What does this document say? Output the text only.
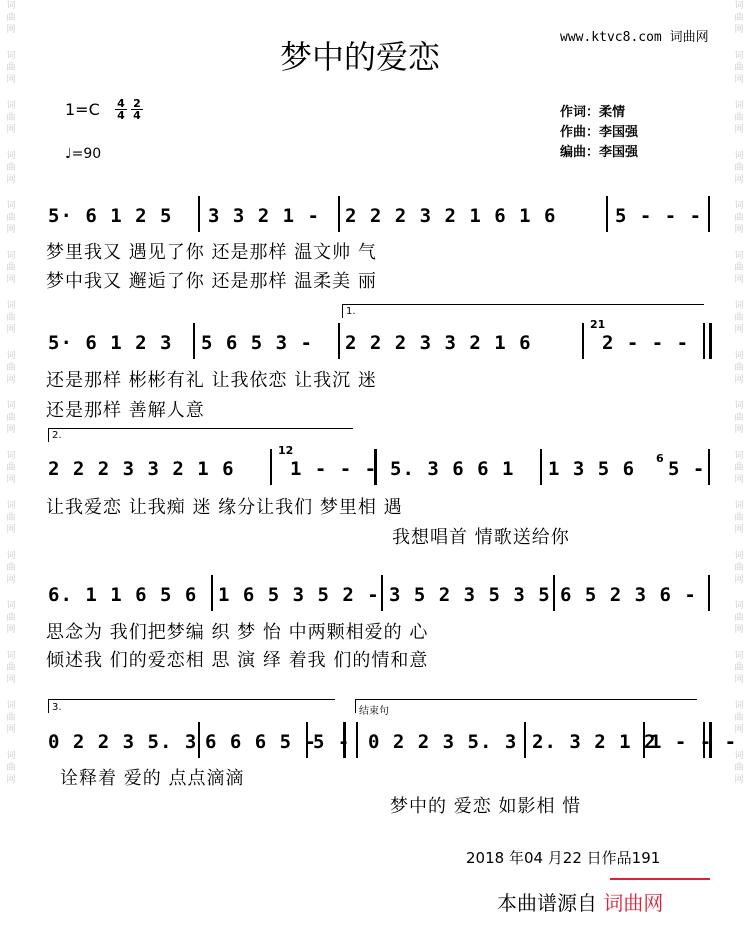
词
曲
网
词
曲
网
词
曲
网
词
曲
网
词
曲
网
词
曲
网
词
曲
网
词
曲
网
词
曲
网
词
曲
网
词
曲
网
词
曲
网
词
曲
网
词
曲
网
词
曲
网
词
曲
网
词
曲
网
词
曲
网
词
曲
网
词
曲
网
词
曲
网
词
曲
网
词
曲
网
词
曲
网
词
曲
网
词
曲
网
词
曲
网
词
曲
网
词
曲
网
词
曲
网
词
曲
网
词
曲
网
www.ktvc8.com 词曲网
梦中的爱恋
1=C 4
4
2
4
♩=90
作词：柔情
作曲：李国强
编曲：李国强
5· 6 1 2 5 3 3 2 1 - 2 2 2 3 2 1 6 1 6	5 - - -
梦里我又 遇见了你 还是那样 温文帅 气
梦中我又 邂逅了你 还是那样 温柔美 丽
1.
5· 6 1 2 3 5 6 5 3 - 2 2 2 3 3 2 1 6
21
2 - - -
还是那样 彬彬有礼 让我依恋 让我沉 迷
还是那样 善解人意
2.
2 2 2 3 3 2 1 6
12
1 - - - 5. 3 6 6 1 1 3 5 6 6 5 -
让我爱恋 让我痴 迷 缘分让我们 梦里相 遇
我想唱首 情歌送给你
6. 1 1 6 5 6 1 6 5 3 5 2 - 3 5 2 3 5 3 5 6 5 2 3 6 -
思念为 我们把梦编 织 梦 怡 中两颗相爱的 心
倾述我 们的爱恋相 思 演 绎 着我 们的情和意
3.	结束句
0 2 2 3 5. 3 6 6 6 5 -
5 - 0 2 2 3 5. 3 2. 3 2 1 2
1 - - -
诠释着 爱的 点点滴滴
梦中的 爱恋 如影相 惜
2018 年04 月22 日作品191
本曲谱源自 词曲网
